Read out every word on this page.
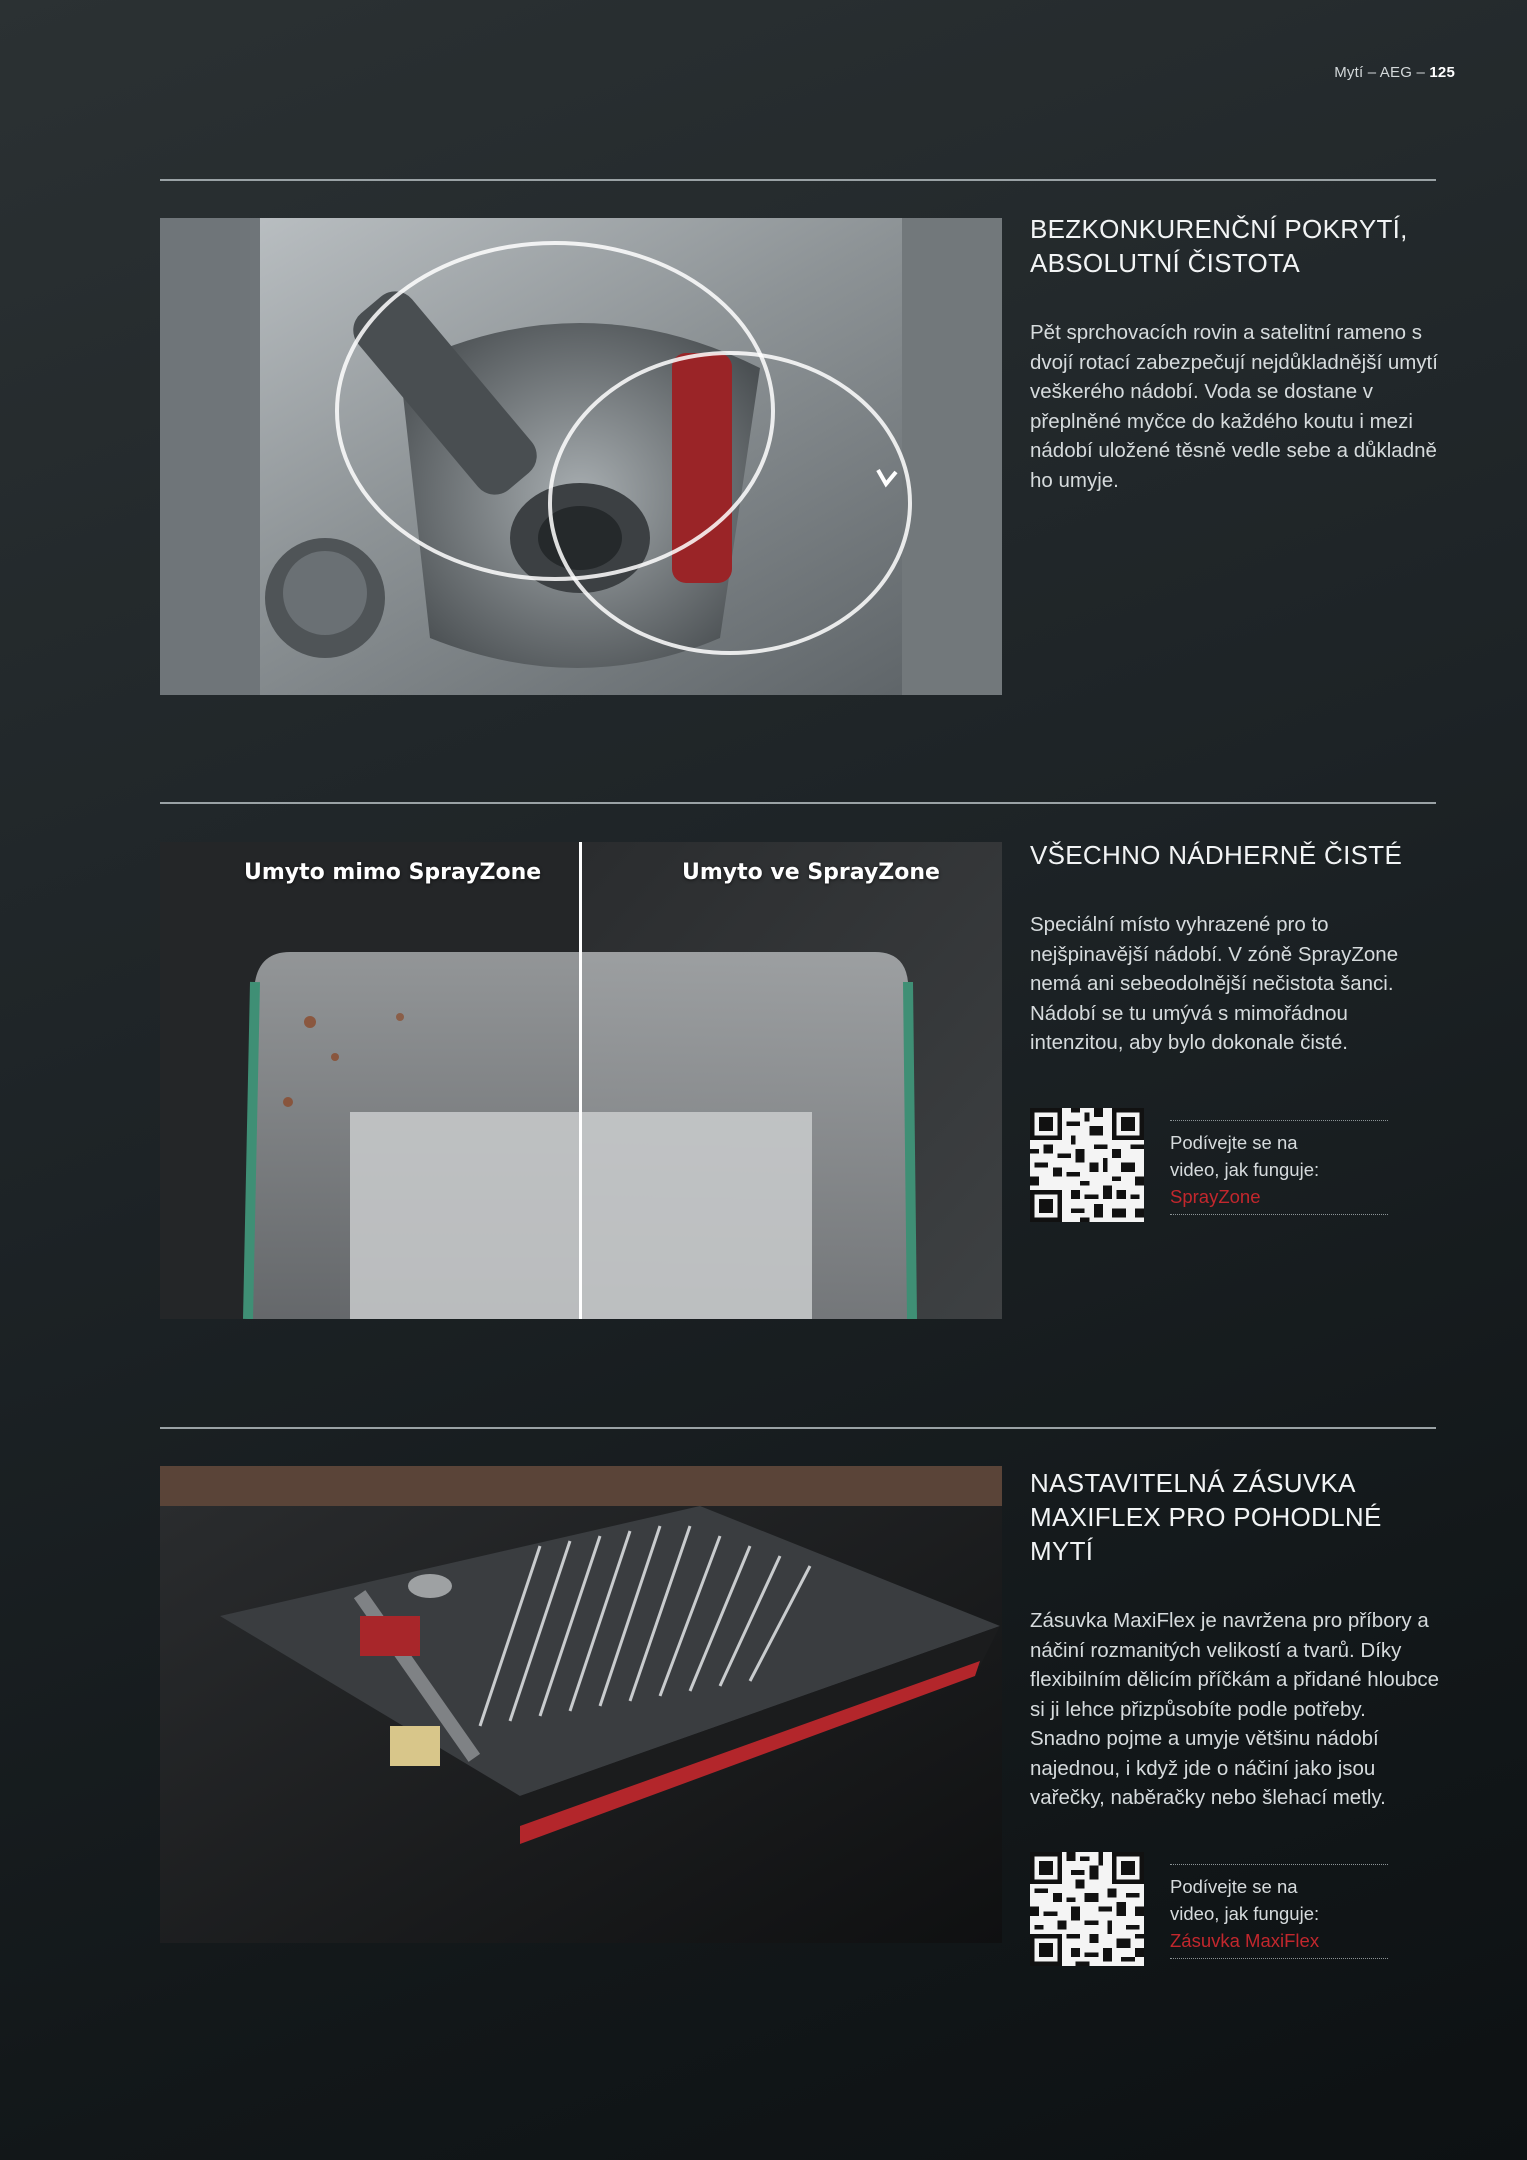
Mytí – AEG – 125
BEZKONKURENČNÍ POKRYTÍ,
ABSOLUTNÍ ČISTOTA

Pět sprchovacích rovin a satelitní rameno s dvojí rotací zabezpečují nejdůkladnější umytí veškerého nádobí. Voda se dostane v přeplněné myčce do každého koutu i mezi nádobí uložené těsně vedle sebe a důkladně ho umyje.

Umyto mimo SprayZone	Umyto ve SprayZone
VŠECHNO NÁDHERNĚ ČISTÉ

Speciální místo vyhrazené pro to nejšpinavější nádobí. V zóně SprayZone nemá ani sebeodolnější nečistota šanci. Nádobí se tu umývá s mimořádnou intenzitou, aby bylo dokonale čisté.

Podívejte se na
video, jak funguje:
SprayZone
NASTAVITELNÁ ZÁSUVKA
MAXIFLEX PRO POHODLNÉ MYTÍ

Zásuvka MaxiFlex je navržena pro příbory a náčiní rozmanitých velikostí a tvarů. Díky flexibilním dělicím příčkám a přidané hloubce si ji lehce přizpůsobíte podle potřeby. Snadno pojme a umyje většinu nádobí najednou, i když jde o náčiní jako jsou vařečky, naběračky nebo šlehací metly.

Podívejte se na
video, jak funguje:
Zásuvka MaxiFlex
